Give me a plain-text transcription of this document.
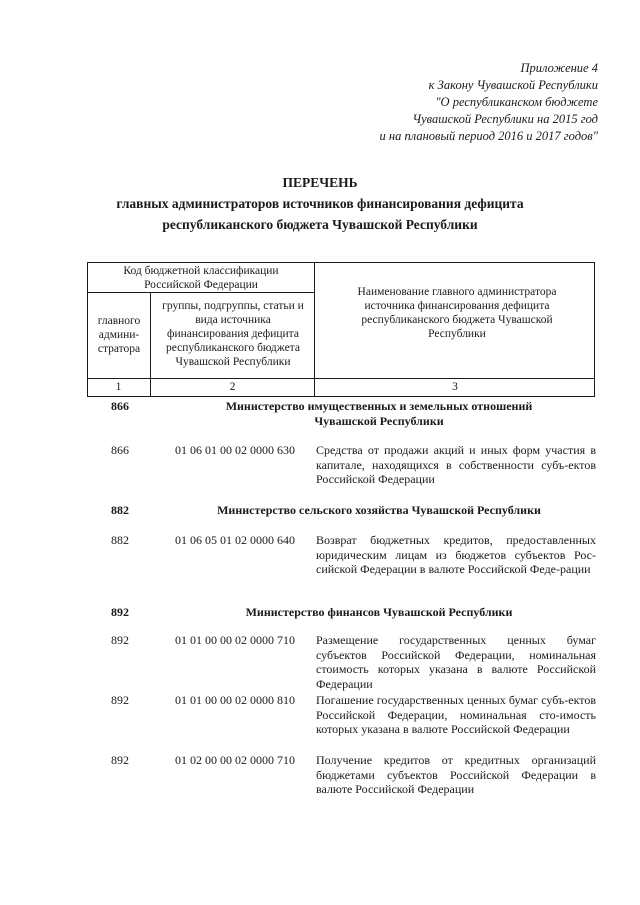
Приложение 4
к Закону Чувашской Республики
"О республиканском бюджете
Чувашской Республики на 2015 год
и на плановый период 2016 и 2017 годов"
ПЕРЕЧЕНЬ
главных администраторов источников финансирования дефицита
республиканского бюджета Чувашской Республики
Код бюджетной классификации Российской Федерации
главного админи-стратора
группы, подгруппы, статьи и вида источника финансирования дефицита республиканского бюджета Чувашской Республики
Наименование главного администратора источника финансирования дефицита республиканского бюджета Чувашской Республики
1	2	3
866	Министерство имущественных и земельных отношений
Чувашской Республики
866	01 06 01 00 02 0000 630	Средства от продажи акций и иных форм участия в капитале, находящихся в собственности субъ-ектов Российской Федерации
882	Министерство сельского хозяйства Чувашской Республики
882	01 06 05 01 02 0000 640	Возврат бюджетных кредитов, предоставленных юридическим лицам из бюджетов субъектов Рос-сийской Федерации в валюте Российской Феде-рации
892	Министерство финансов Чувашской Республики
892	01 01 00 00 02 0000 710	Размещение государственных ценных бумаг субъектов Российской Федерации, номинальная стоимость которых указана в валюте Российской Федерации
892	01 01 00 00 02 0000 810	Погашение государственных ценных бумаг субъ-ектов Российской Федерации, номинальная сто-имость которых указана в валюте Российской Федерации
892	01 02 00 00 02 0000 710	Получение кредитов от кредитных организаций бюджетами субъектов Российской Федерации в валюте Российской Федерации
